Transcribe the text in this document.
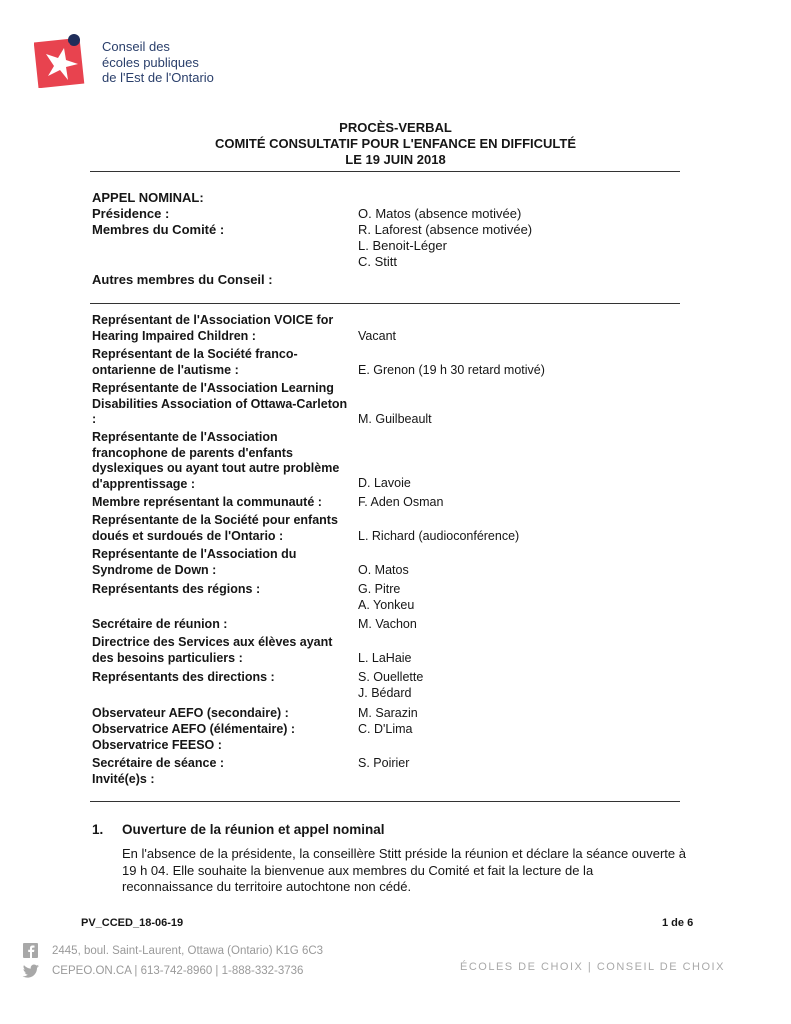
Conseil des
écoles publiques
de l'Est de l'Ontario
PROCÈS-VERBAL
COMITÉ CONSULTATIF POUR L'ENFANCE EN DIFFICULTÉ
LE 19 JUIN 2018
APPEL NOMINAL:
Présidence :	O. Matos (absence motivée)
Membres du Comité :	R. Laforest (absence motivée)
L. Benoit-Léger
C. Stitt
Autres membres du Conseil :
Représentant de l'Association VOICE for Hearing Impaired Children :	Vacant
Représentant de la Société franco-ontarienne de l'autisme :	E. Grenon (19 h 30 retard motivé)
Représentante de l'Association Learning Disabilities Association of Ottawa-Carleton :	M. Guilbeault
Représentante de l'Association francophone de parents d'enfants dyslexiques ou ayant tout autre problème d'apprentissage :	D. Lavoie
Membre représentant la communauté :	F. Aden Osman
Représentante de la Société pour enfants doués et surdoués de l'Ontario :	L. Richard (audioconférence)
Représentante de l'Association du Syndrome de Down :	O. Matos
Représentants des régions :	G. Pitre
A. Yonkeu
Secrétaire de réunion :	M. Vachon
Directrice des Services aux élèves ayant des besoins particuliers :	L. LaHaie
Représentants des directions :	S. Ouellette
J. Bédard
Observateur AEFO (secondaire) :	M. Sarazin
Observatrice AEFO (élémentaire) :	C. D'Lima
Observatrice FEESO :
Secrétaire de séance :	S. Poirier
Invité(e)s :
1. Ouverture de la réunion et appel nominal
En l'absence de la présidente, la conseillère Stitt préside la réunion et déclare la séance ouverte à 19 h 04. Elle souhaite la bienvenue aux membres du Comité et fait la lecture de la reconnaissance du territoire autochtone non cédé.
PV_CCED_18-06-19	1 de 6
2445, boul. Saint-Laurent, Ottawa (Ontario) K1G 6C3
CEPEO.ON.CA | 613-742-8960 | 1-888-332-3736	ÉCOLES DE CHOIX | CONSEIL DE CHOIX
